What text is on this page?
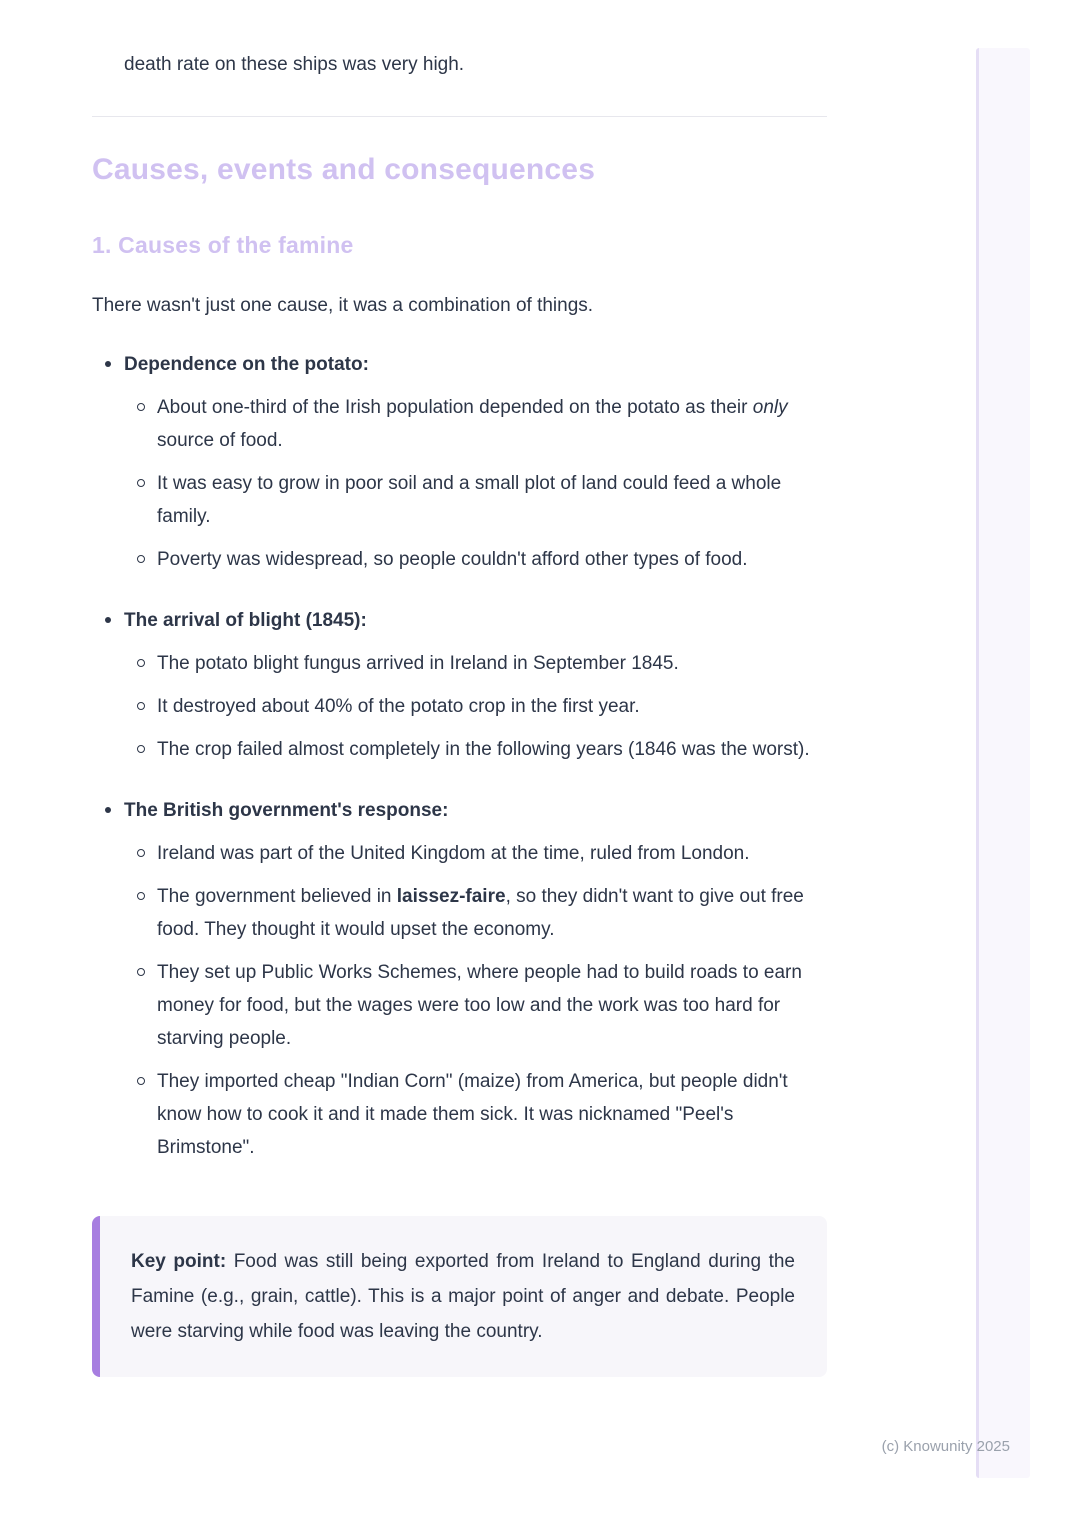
death rate on these ships was very high.

Causes, events and consequences
1. Causes of the famine

There wasn't just one cause, it was a combination of things.

Dependence on the potato:
About one-third of the Irish population depended on the potato as their only source of food.
It was easy to grow in poor soil and a small plot of land could feed a whole family.
Poverty was widespread, so people couldn't afford other types of food.
The arrival of blight (1845):
The potato blight fungus arrived in Ireland in September 1845.
It destroyed about 40% of the potato crop in the first year.
The crop failed almost completely in the following years (1846 was the worst).
The British government's response:
Ireland was part of the United Kingdom at the time, ruled from London.
The government believed in laissez-faire, so they didn't want to give out free food. They thought it would upset the economy.
They set up Public Works Schemes, where people had to build roads to earn money for food, but the wages were too low and the work was too hard for starving people.
They imported cheap "Indian Corn" (maize) from America, but people didn't know how to cook it and it made them sick. It was nicknamed "Peel's Brimstone".

Key point: Food was still being exported from Ireland to England during the Famine (e.g., grain, cattle). This is a major point of anger and debate. People were starving while food was leaving the country.

(c) Knowunity 2025
